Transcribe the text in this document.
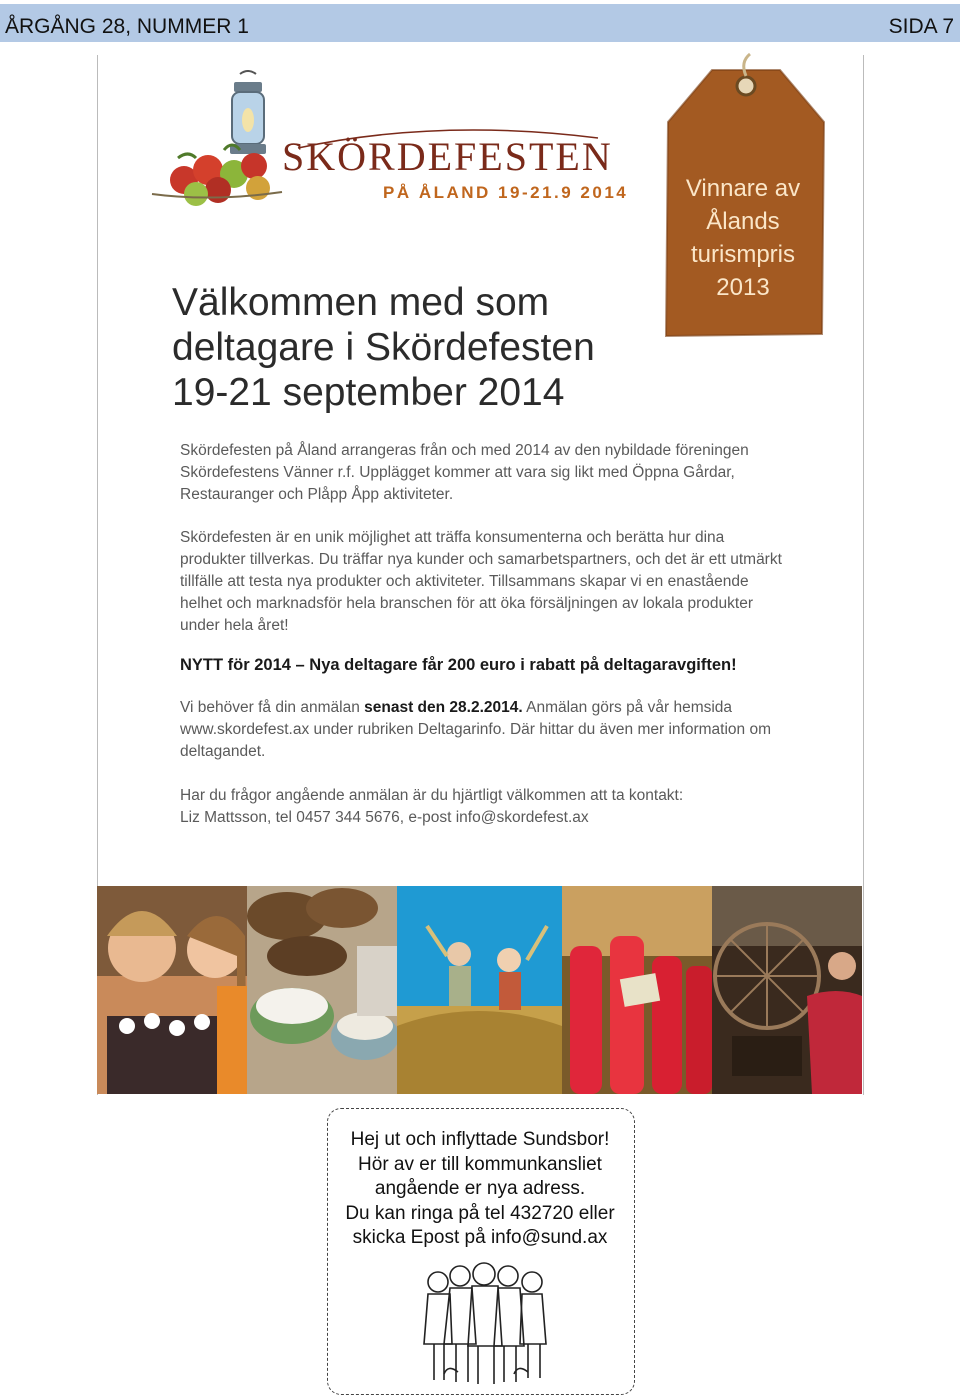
ÅRGÅNG 28, NUMMER 1	SIDA 7
SKÖRDEFESTEN
PÅ ÅLAND 19-21.9 2014	Vinnare av
Ålands
turismpris
2013
Välkommen med som
deltagare i Skördefesten
19-21 september 2014

Skördefesten på Åland arrangeras från och med 2014 av den nybildade föreningen Skördefestens Vänner r.f. Upplägget kommer att vara sig likt med Öppna Gårdar, Restauranger och Plåpp Åpp aktiviteter.

Skördefesten är en unik möjlighet att träffa konsumenterna och berätta hur dina produkter tillverkas. Du träffar nya kunder och samarbetspartners, och det är ett utmärkt tillfälle att testa nya produkter och aktiviteter. Tillsammans skapar vi en enastående helhet och marknadsför hela branschen för att öka försäljningen av lokala produkter under hela året!

NYTT för 2014 – Nya deltagare får 200 euro i rabatt på deltagaravgiften!

Vi behöver få din anmälan senast den 28.2.2014. Anmälan görs på vår hemsida www.skordefest.ax under rubriken Deltagarinfo. Där hittar du även mer information om deltagandet.

Har du frågor angående anmälan är du hjärtligt välkommen att ta kontakt:
Liz Mattsson, tel 0457 344 5676, e-post info@skordefest.ax

Hej ut och inflyttade Sundsbor!
Hör av er till kommunkansliet
angående er nya adress.
Du kan ringa på tel 432720 eller
skicka Epost på info@sund.ax
